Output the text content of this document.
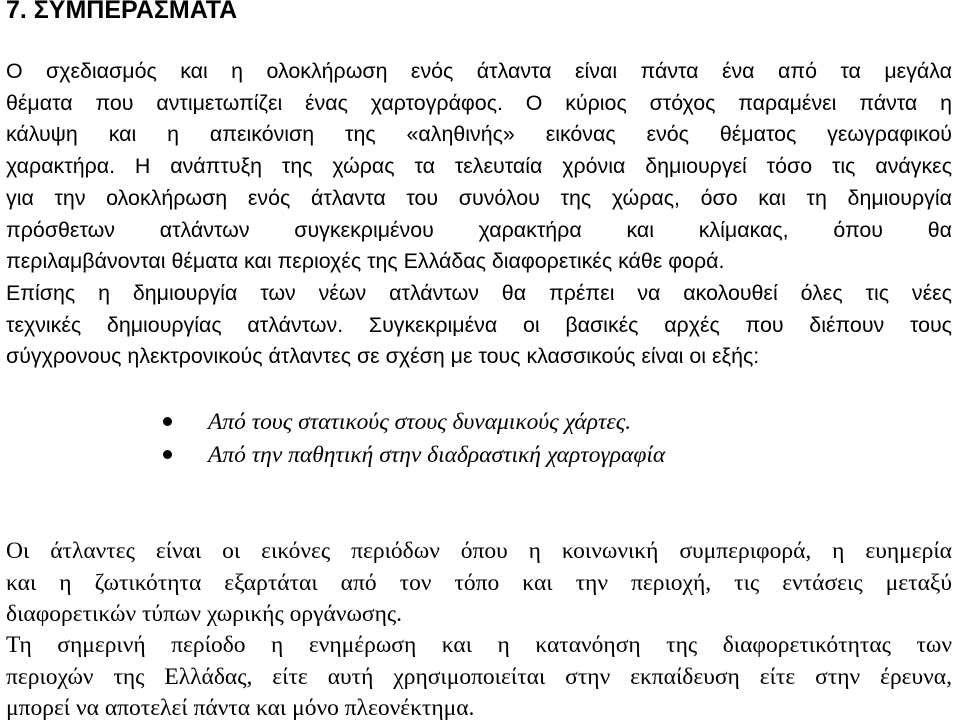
7. ΣΥΜΠΕΡΑΣΜΑΤΑ

Ο σχεδιασμός και η ολοκλήρωση ενός άτλαντα είναι πάντα ένα από τα μεγάλα
θέματα που αντιμετωπίζει ένας χαρτογράφος. Ο κύριος στόχος παραμένει πάντα η
κάλυψη και η απεικόνιση της «αληθινής» εικόνας ενός θέματος γεωγραφικού
χαρακτήρα. Η ανάπτυξη της χώρας τα τελευταία χρόνια δημιουργεί τόσο τις ανάγκες
για την ολοκλήρωση ενός άτλαντα του συνόλου της χώρας, όσο και τη δημιουργία
πρόσθετων ατλάντων συγκεκριμένου χαρακτήρα και κλίμακας, όπου θα
περιλαμβάνονται θέματα και περιοχές της Ελλάδας διαφορετικές κάθε φορά.

Επίσης η δημιουργία των νέων ατλάντων θα πρέπει να ακολουθεί όλες τις νέες
τεχνικές δημιουργίας ατλάντων. Συγκεκριμένα οι βασικές αρχές που διέπουν τους
σύγχρονους ηλεκτρονικούς άτλαντες σε σχέση με τους κλασσικούς είναι οι εξής:

Από τους στατικούς στους δυναμικούς χάρτες.
Από την παθητική στην διαδραστική χαρτογραφία

Οι άτλαντες είναι οι εικόνες περιόδων όπου η κοινωνική συμπεριφορά, η ευημερία
και η ζωτικότητα εξαρτάται από τον τόπο και την περιοχή, τις εντάσεις μεταξύ
διαφορετικών τύπων χωρικής οργάνωσης.

Τη σημερινή περίοδο η ενημέρωση και η κατανόηση της διαφορετικότητας των
περιοχών της Ελλάδας, είτε αυτή χρησιμοποιείται στην εκπαίδευση είτε στην έρευνα,
μπορεί να αποτελεί πάντα και μόνο πλεονέκτημα.
